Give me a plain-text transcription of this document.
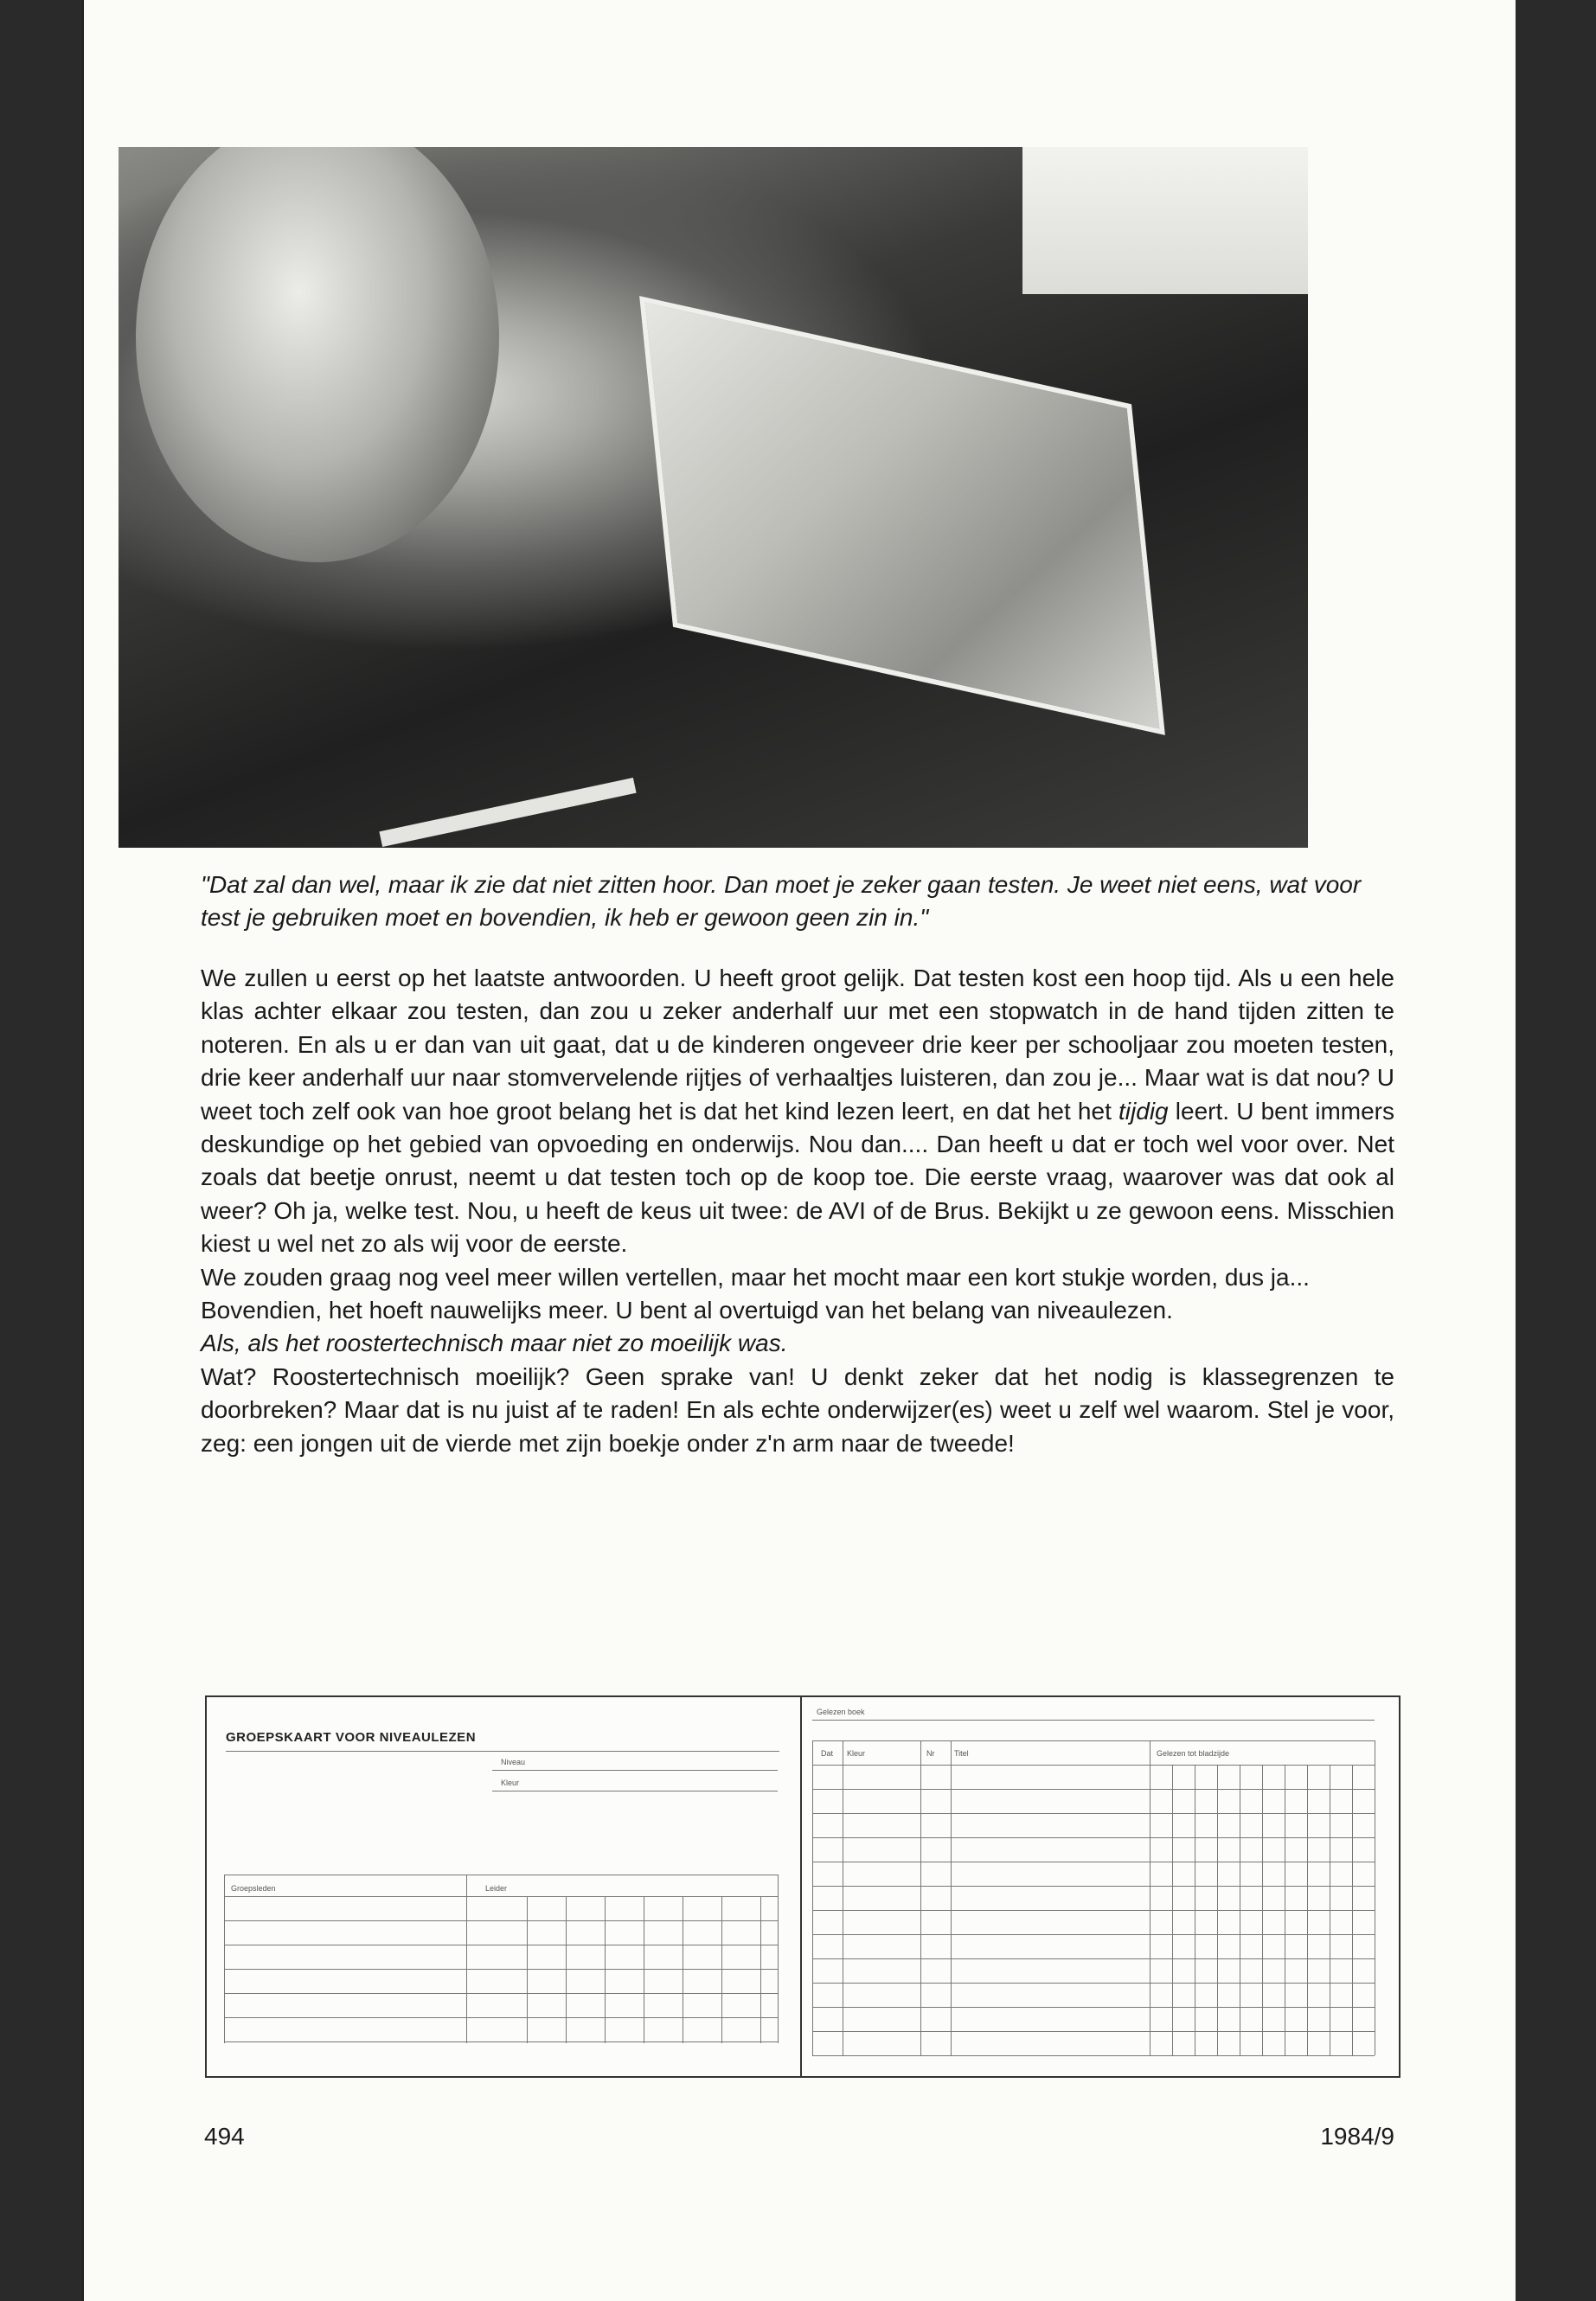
"Dat zal dan wel, maar ik zie dat niet zitten hoor. Dan moet je zeker gaan testen. Je weet niet eens, wat voor test je gebruiken moet en bovendien, ik heb er gewoon geen zin in."

We zullen u eerst op het laatste antwoorden. U heeft groot gelijk. Dat testen kost een hoop tijd. Als u een hele klas achter elkaar zou testen, dan zou u zeker anderhalf uur met een stopwatch in de hand tijden zitten te noteren. En als u er dan van uit gaat, dat u de kinderen ongeveer drie keer per schooljaar zou moeten testen, drie keer anderhalf uur naar stomvervelende rijtjes of verhaaltjes luisteren, dan zou je... Maar wat is dat nou? U weet toch zelf ook van hoe groot belang het is dat het kind lezen leert, en dat het het tijdig leert. U bent immers deskundige op het gebied van opvoeding en onderwijs. Nou dan.... Dan heeft u dat er toch wel voor over. Net zoals dat beetje onrust, neemt u dat testen toch op de koop toe. Die eerste vraag, waarover was dat ook al weer? Oh ja, welke test. Nou, u heeft de keus uit twee: de AVI of de Brus. Bekijkt u ze gewoon eens. Misschien kiest u wel net zo als wij voor de eerste.

We zouden graag nog veel meer willen vertellen, maar het mocht maar een kort stukje worden, dus ja...

Bovendien, het hoeft nauwelijks meer. U bent al overtuigd van het belang van niveaulezen.

Als, als het roostertechnisch maar niet zo moeilijk was.

Wat? Roostertechnisch moeilijk? Geen sprake van! U denkt zeker dat het nodig is klassegrenzen te doorbreken? Maar dat is nu juist af te raden! En als echte onderwijzer(es) weet u zelf wel waarom. Stel je voor, zeg: een jongen uit de vierde met zijn boekje onder z'n arm naar de tweede!

GROEPSKAART VOOR NIVEAULEZEN
Niveau
Kleur
Groepsleden	Leider
Gelezen boek
Dat Kleur	Nr	Titel	Gelezen tot bladzijde
494	1984/9
